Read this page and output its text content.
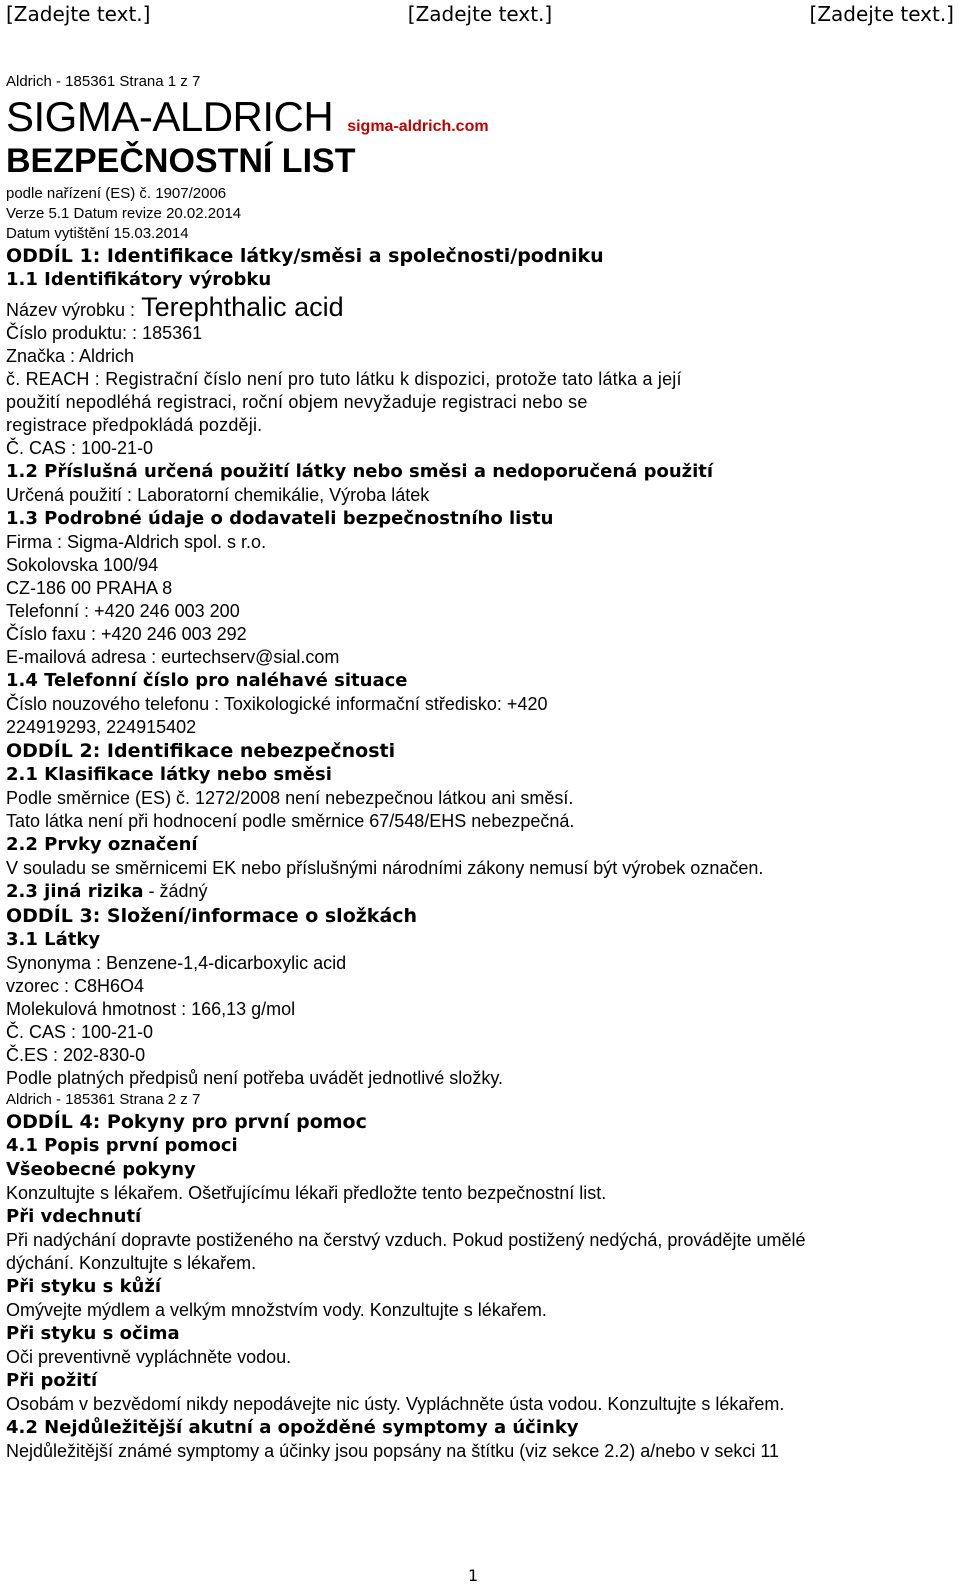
[Zadejte text.]	[Zadejte text.]	[Zadejte text.]
Aldrich - 185361 Strana 1 z 7
SIGMA-ALDRICH sigma-aldrich.com
BEZPEČNOSTNÍ LIST
podle nařízení (ES) č. 1907/2006
Verze 5.1 Datum revize 20.02.2014
Datum vytištění 15.03.2014
ODDÍL 1: Identifikace látky/směsi a společnosti/podniku
1.1 Identifikátory výrobku
Název výrobku : Terephthalic acid
Číslo produktu: : 185361
Značka : Aldrich
č. REACH : Registrační číslo není pro tuto látku k dispozici, protože tato látka a její
použití nepodléhá registraci, roční objem nevyžaduje registraci nebo se
registrace předpokládá později.
Č. CAS : 100-21-0
1.2 Příslušná určená použití látky nebo směsi a nedoporučená použití
Určená použití : Laboratorní chemikálie, Výroba látek
1.3 Podrobné údaje o dodavateli bezpečnostního listu
Firma : Sigma-Aldrich spol. s r.o.
Sokolovska 100/94
CZ-186 00 PRAHA 8
Telefonní : +420 246 003 200
Číslo faxu : +420 246 003 292
E-mailová adresa : eurtechserv@sial.com
1.4 Telefonní číslo pro naléhavé situace
Číslo nouzového telefonu : Toxikologické informační středisko: +420
224919293, 224915402
ODDÍL 2: Identifikace nebezpečnosti
2.1 Klasifikace látky nebo směsi
Podle směrnice (ES) č. 1272/2008 není nebezpečnou látkou ani směsí.
Tato látka není při hodnocení podle směrnice 67/548/EHS nebezpečná.
2.2 Prvky označení
V souladu se směrnicemi EK nebo příslušnými národními zákony nemusí být výrobek označen.
2.3 jiná rizika - žádný
ODDÍL 3: Složení/informace o složkách
3.1 Látky
Synonyma : Benzene-1,4-dicarboxylic acid
vzorec : C8H6O4
Molekulová hmotnost : 166,13 g/mol
Č. CAS : 100-21-0
Č.ES : 202-830-0
Podle platných předpisů není potřeba uvádět jednotlivé složky.
Aldrich - 185361 Strana 2 z 7
ODDÍL 4: Pokyny pro první pomoc
4.1 Popis první pomoci
Všeobecné pokyny
Konzultujte s lékařem. Ošetřujícímu lékaři předložte tento bezpečnostní list.
Při vdechnutí
Při nadýchání dopravte postiženého na čerstvý vzduch. Pokud postižený nedýchá, provádějte umělé
dýchání. Konzultujte s lékařem.
Při styku s kůží
Omývejte mýdlem a velkým množstvím vody. Konzultujte s lékařem.
Při styku s očima
Oči preventivně vypláchněte vodou.
Při požití
Osobám v bezvědomí nikdy nepodávejte nic ústy. Vypláchněte ústa vodou. Konzultujte s lékařem.
4.2 Nejdůležitější akutní a opožděné symptomy a účinky
Nejdůležitější známé symptomy a účinky jsou popsány na štítku (viz sekce 2.2) a/nebo v sekci 11
1
